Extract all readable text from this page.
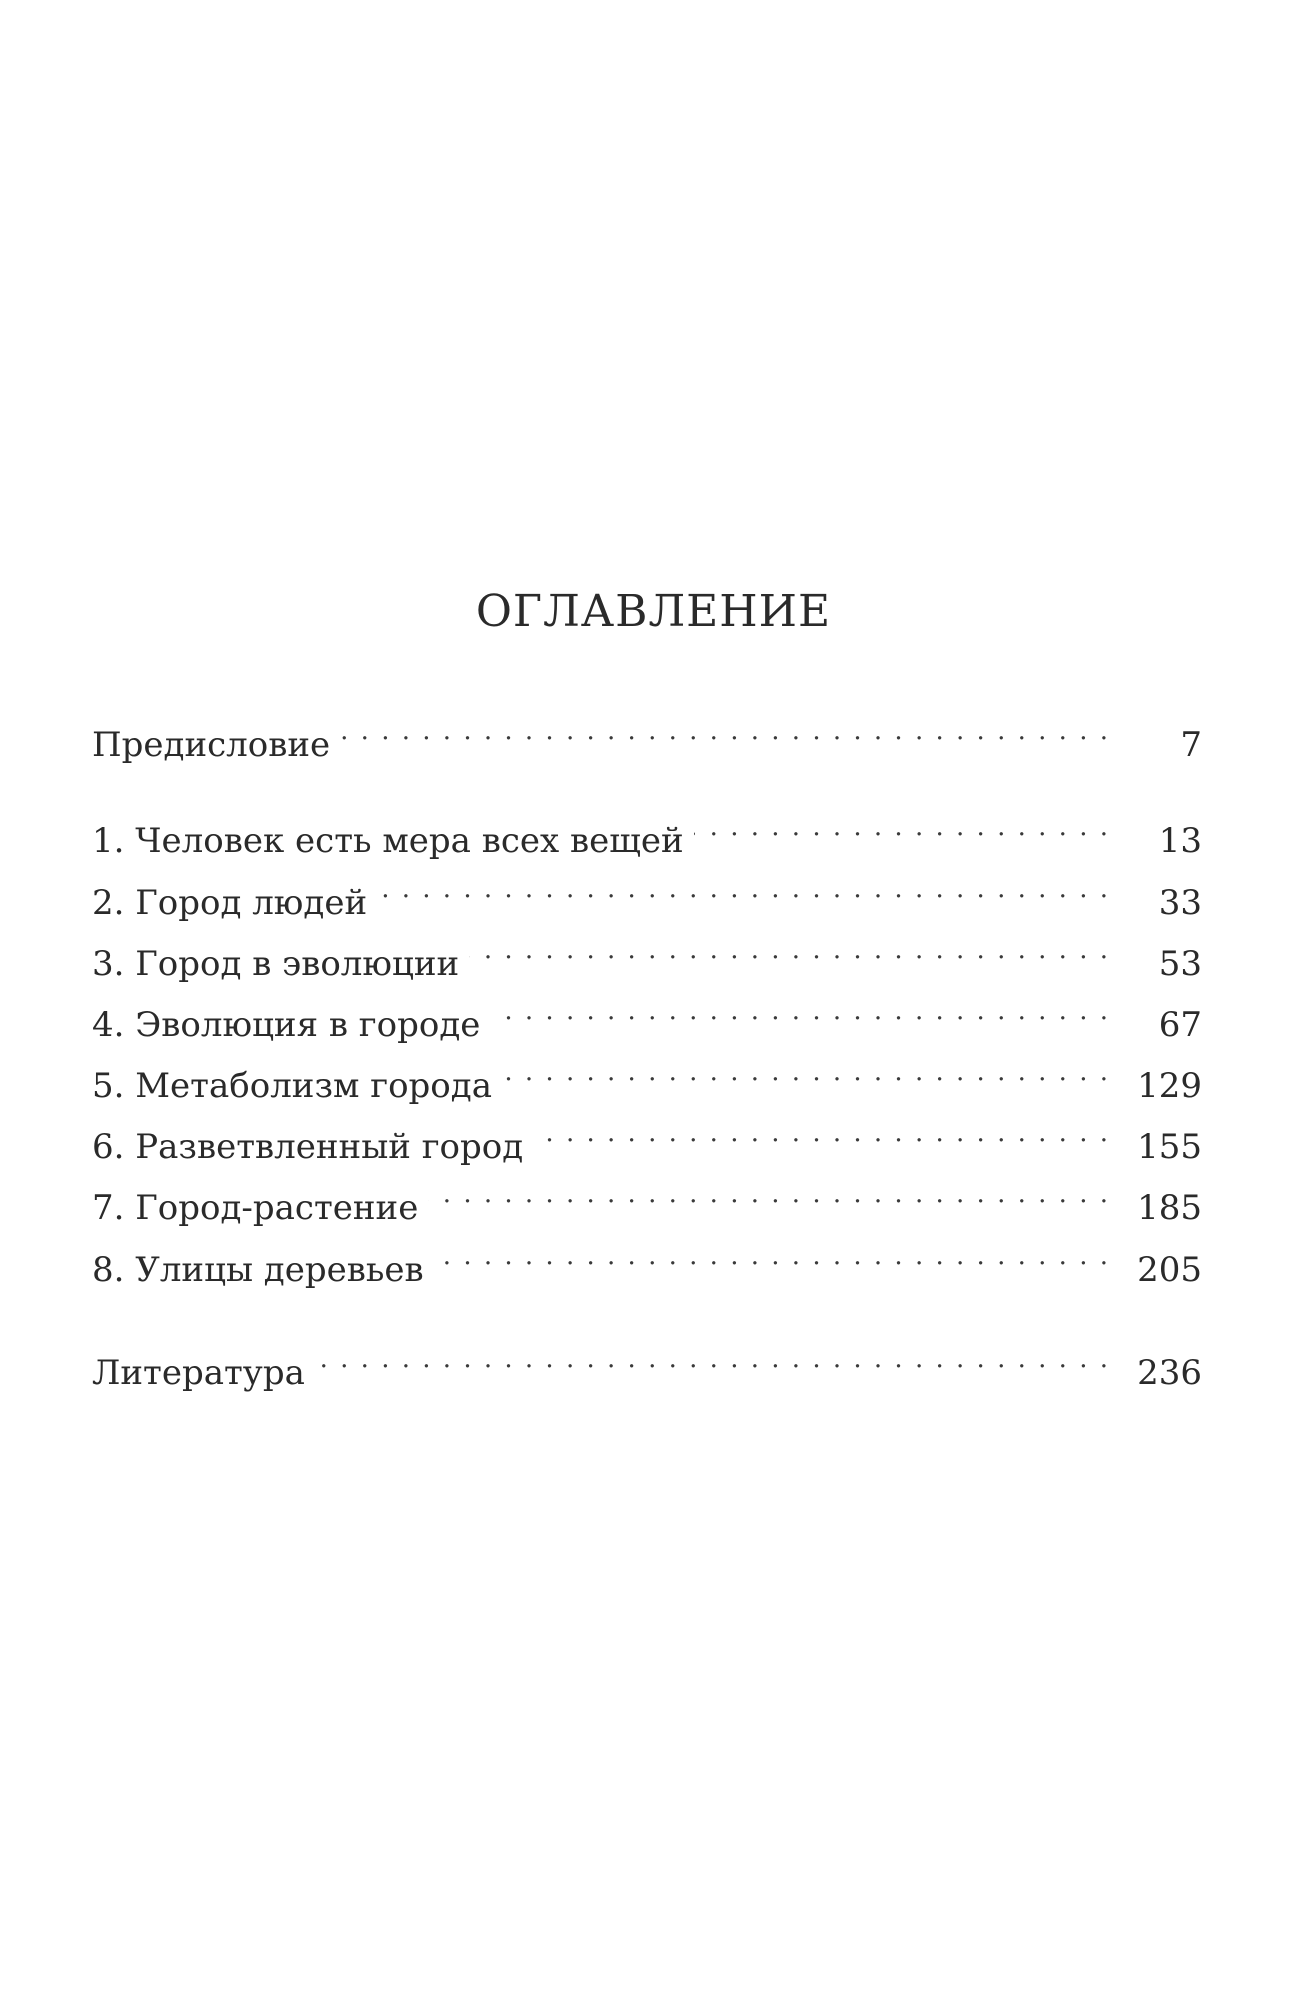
ОГЛАВЛЕНИЕ
Предисловие . . .	7
1. Человек есть мера всех вещей . . .	13
2. Город людей . . .	33
3. Город в эволюции . . .	53
4. Эволюция в городе . . .	67
5. Метаболизм города . . .	129
6. Разветвленный город . . .	155
7. Город-растение . . .	185
8. Улицы деревьев . . .	205
Литература . . .	236
